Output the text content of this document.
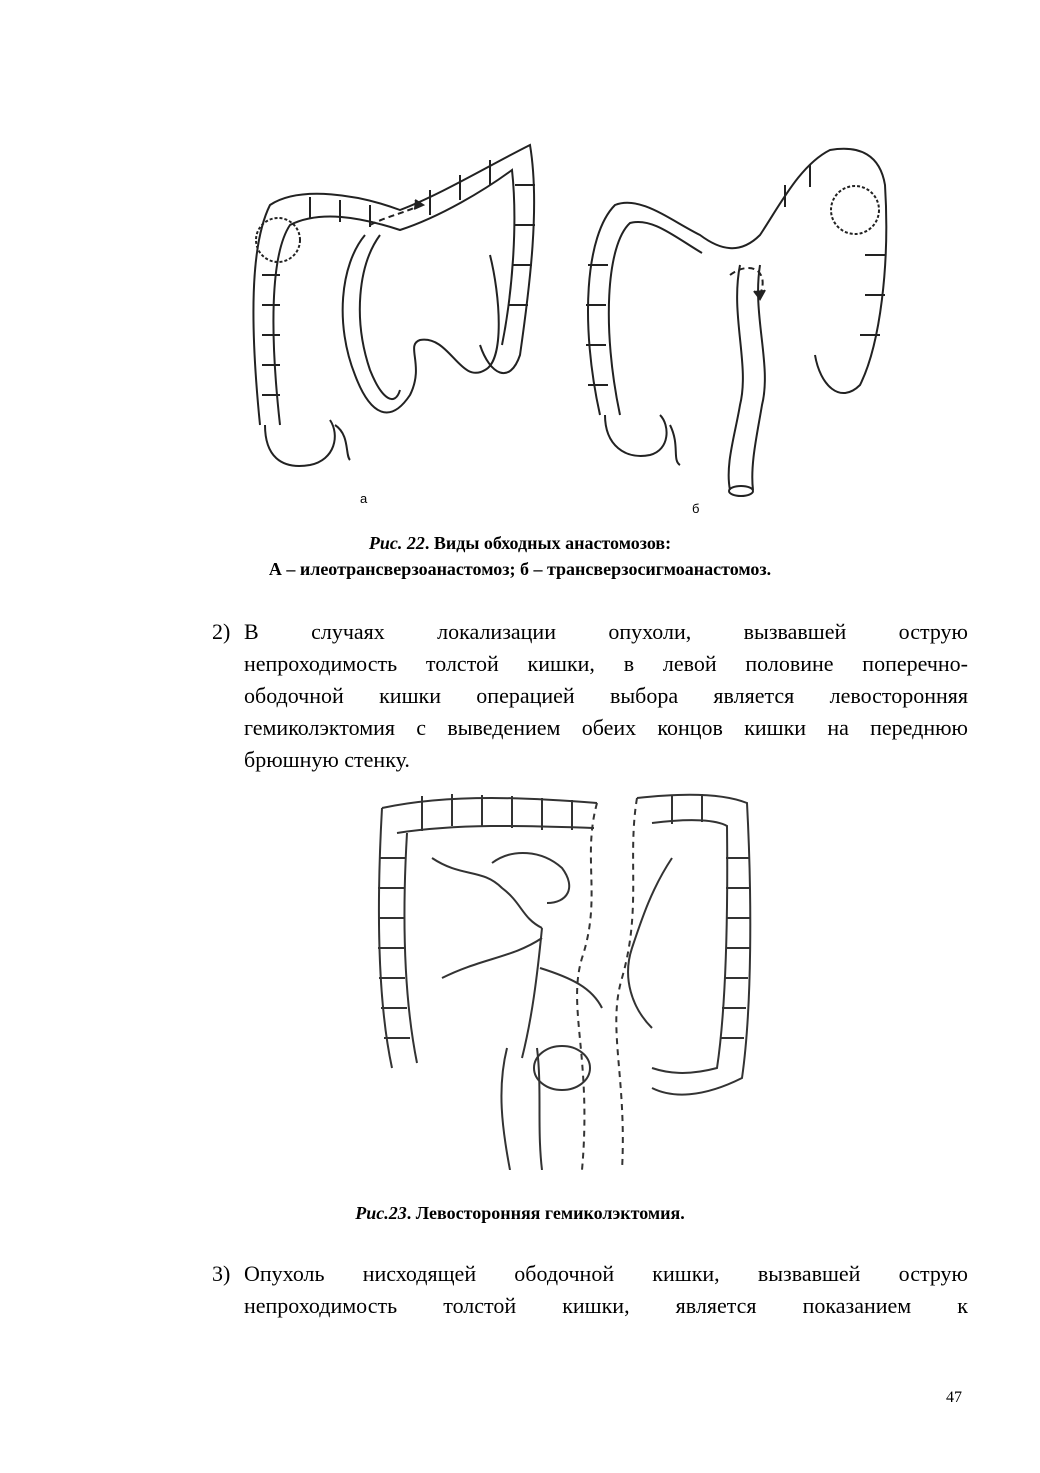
а
б
Рис. 22. Виды обходных анастомозов:
А – илеотрансверзоанастомоз; б – трансверзосигмоанастомоз.
2) В случаях локализации опухоли, вызвавшей острую
непроходимость толстой кишки, в левой половине поперечно-
ободочной кишки операцией выбора является левосторонняя
гемиколэктомия с выведением обеих концов кишки на переднюю
брюшную стенку.
Рис.23. Левосторонняя гемиколэктомия.
3) Опухоль нисходящей ободочной кишки, вызвавшей острую
непроходимость толстой кишки, является показанием к
47
